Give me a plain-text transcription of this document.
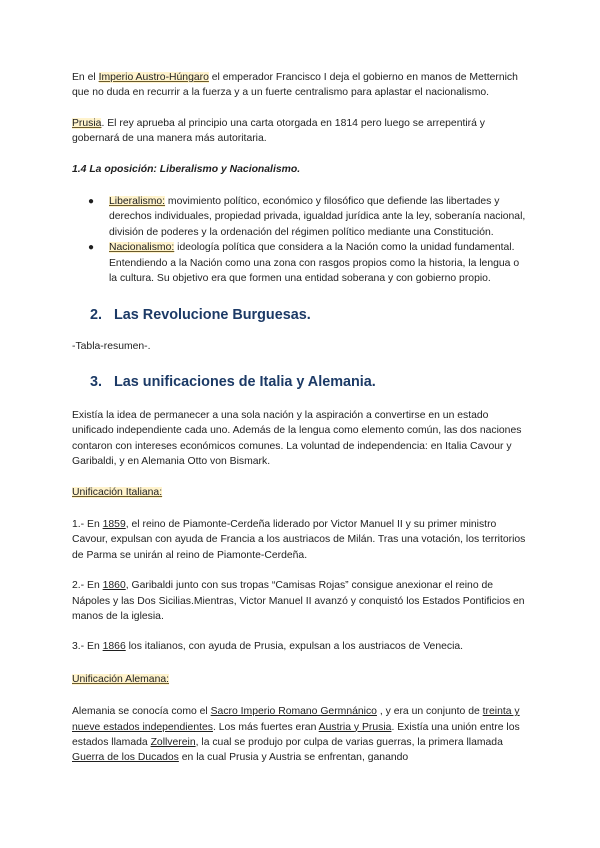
En el Imperio Austro-Húngaro el emperador Francisco I deja el gobierno en manos de Metternich que no duda en recurrir a la fuerza y a un fuerte centralismo para aplastar el nacionalismo.

Prusia. El rey aprueba al principio una carta otorgada en 1814 pero luego se arrepentirá y gobernará de una manera más autoritaria.

1.4 La oposición: Liberalismo y Nacionalismo.

● Liberalismo: movimiento político, económico y filosófico que defiende las libertades y derechos individuales, propiedad privada, igualdad jurídica ante la ley, soberanía nacional, división de poderes y la ordenación del régimen político mediante una Constitución.
● Nacionalismo: ideología política que considera a la Nación como la unidad fundamental. Entendiendo a la Nación como una zona con rasgos propios como la historia, la lengua o la cultura. Su objetivo era que formen una entidad soberana y con gobierno propio.
2. Las Revolucione Burguesas.

-Tabla-resumen-.

3. Las unificaciones de Italia y Alemania.

Existía la idea de permanecer a una sola nación y la aspiración a convertirse en un estado unificado independiente cada uno. Además de la lengua como elemento común, las dos naciones contaron con intereses económicos comunes. La voluntad de independencia: en Italia Cavour y Garibaldi, y en Alemania Otto von Bismark.

Unificación Italiana:

1.- En 1859, el reino de Piamonte-Cerdeña liderado por Victor Manuel II y su primer ministro Cavour, expulsan con ayuda de Francia a los austriacos de Milán. Tras una votación, los territorios de Parma se unirán al reino de Piamonte-Cerdeña.

2.- En 1860, Garibaldi junto con sus tropas “Camisas Rojas” consigue anexionar el reino de Nápoles y las Dos Sicilias.Mientras, Victor Manuel II avanzó y conquistó los Estados Pontificios en manos de la iglesia.

3.- En 1866 los italianos, con ayuda de Prusia, expulsan a los austriacos de Venecia.

Unificación Alemana:

Alemania se conocía como el Sacro Imperio Romano Germnánico , y era un conjunto de treinta y nueve estados independientes. Los más fuertes eran Austria y Prusia. Existía una unión entre los estados llamada Zollverein, la cual se produjo por culpa de varias guerras, la primera llamada Guerra de los Ducados en la cual Prusia y Austria se enfrentan, ganando
